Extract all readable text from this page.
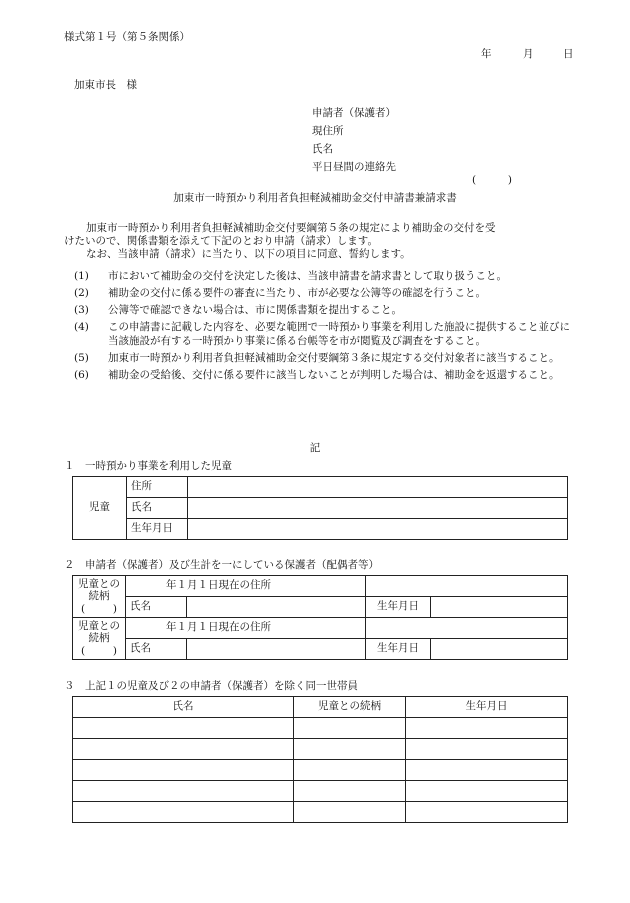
様式第１号（第５条関係）
年	月	日
加東市長　様
申請者（保護者）
現住所
氏名
平日昼間の連絡先
(	)
加東市一時預かり利用者負担軽減補助金交付申請書兼請求書

加東市一時預かり利用者負担軽減補助金交付要綱第５条の規定により補助金の交付を受

けたいので、関係書類を添えて下記のとおり申請（請求）します。

なお、当該申請（請求）に当たり、以下の項目に同意、誓約します。

(1)	市において補助金の交付を決定した後は、当該申請書を請求書として取り扱うこと。
(2)	補助金の交付に係る要件の審査に当たり、市が必要な公簿等の確認を行うこと。
(3)	公簿等で確認できない場合は、市に関係書類を提出すること。
(4)	この申請書に記載した内容を、必要な範囲で一時預かり事業を利用した施設に提供すること並びに当該施設が有する一時預かり事業に係る台帳等を市が閲覧及び調査をすること。
(5)	加東市一時預かり利用者負担軽減補助金交付要綱第３条に規定する交付対象者に該当すること。
(6)	補助金の受給後、交付に係る要件に該当しないことが判明した場合は、補助金を返還すること。
記
１　一時預かり事業を利用した児童
児童	住所	
	氏名	
	生年月日	
２　申請者（保護者）及び生計を一にしている保護者（配偶者等）
児童との
続柄
( )	年１月１日現在の住所			
	氏名		生年月日	

児童との
続柄
( )	年１月１日現在の住所			
	氏名		生年月日	
３　上記１の児童及び２の申請者（保護者）を除く同一世帯員
氏名	児童との続柄	生年月日
